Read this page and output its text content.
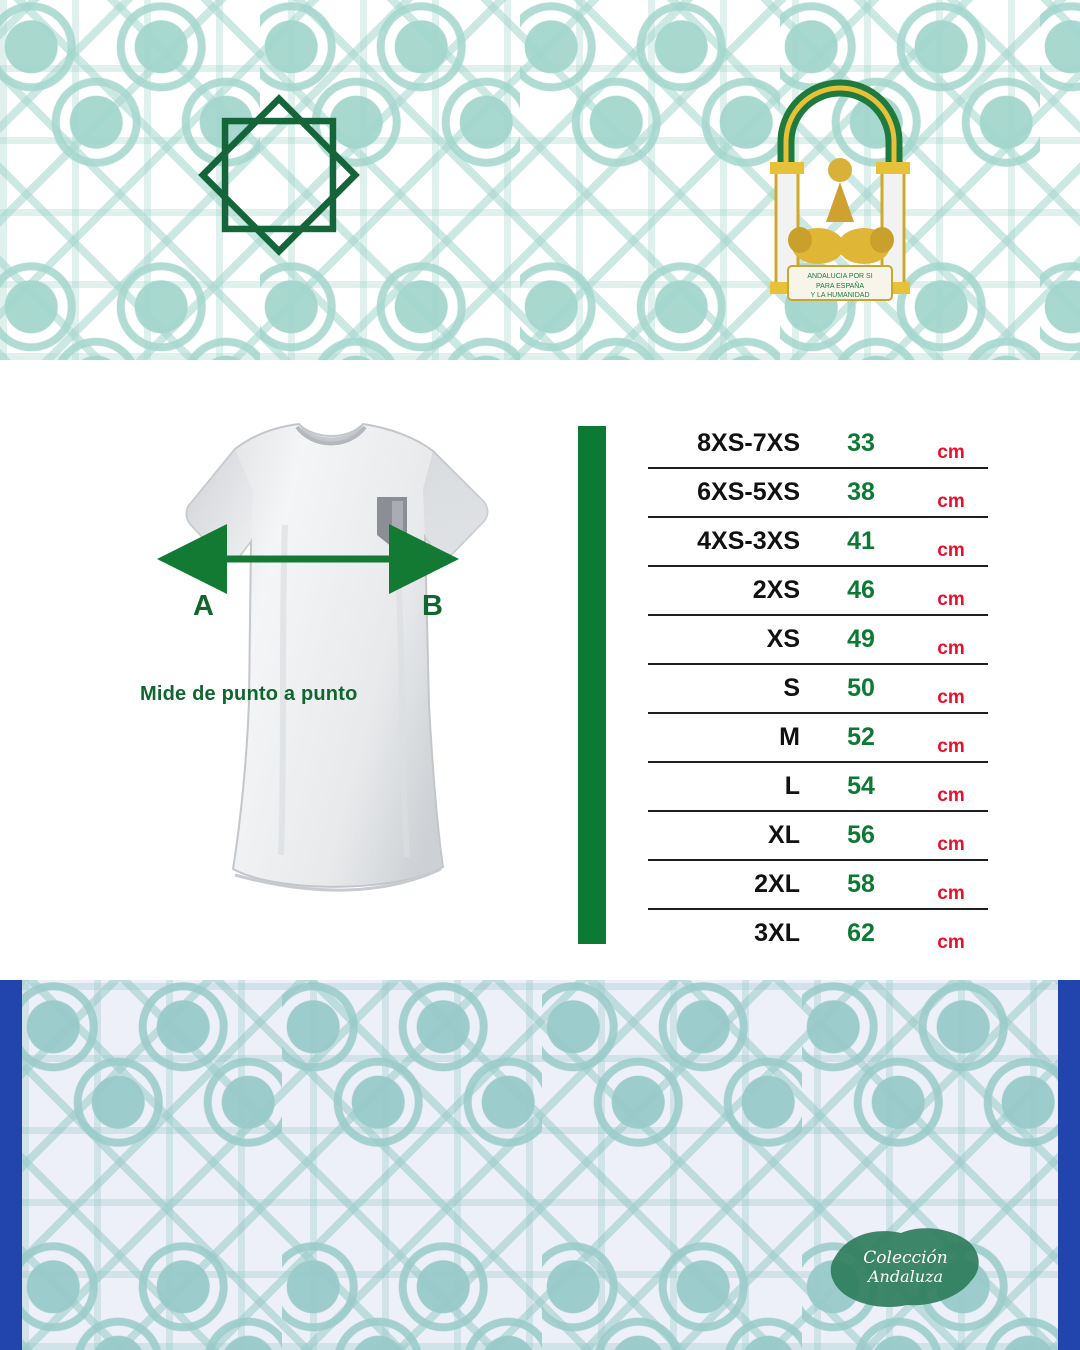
ANDALUCIA POR SI
PARA ESPAÑA
Y LA HUMANIDAD
A	B
Mide de punto a punto
8XS-7XS	33	cm
6XS-5XS	38	cm
4XS-3XS	41	cm
2XS	46	cm
XS	49	cm
S	50	cm
M	52	cm
L	54	cm
XL	56	cm
2XL	58	cm
3XL	62	cm
Colección
Andaluza
